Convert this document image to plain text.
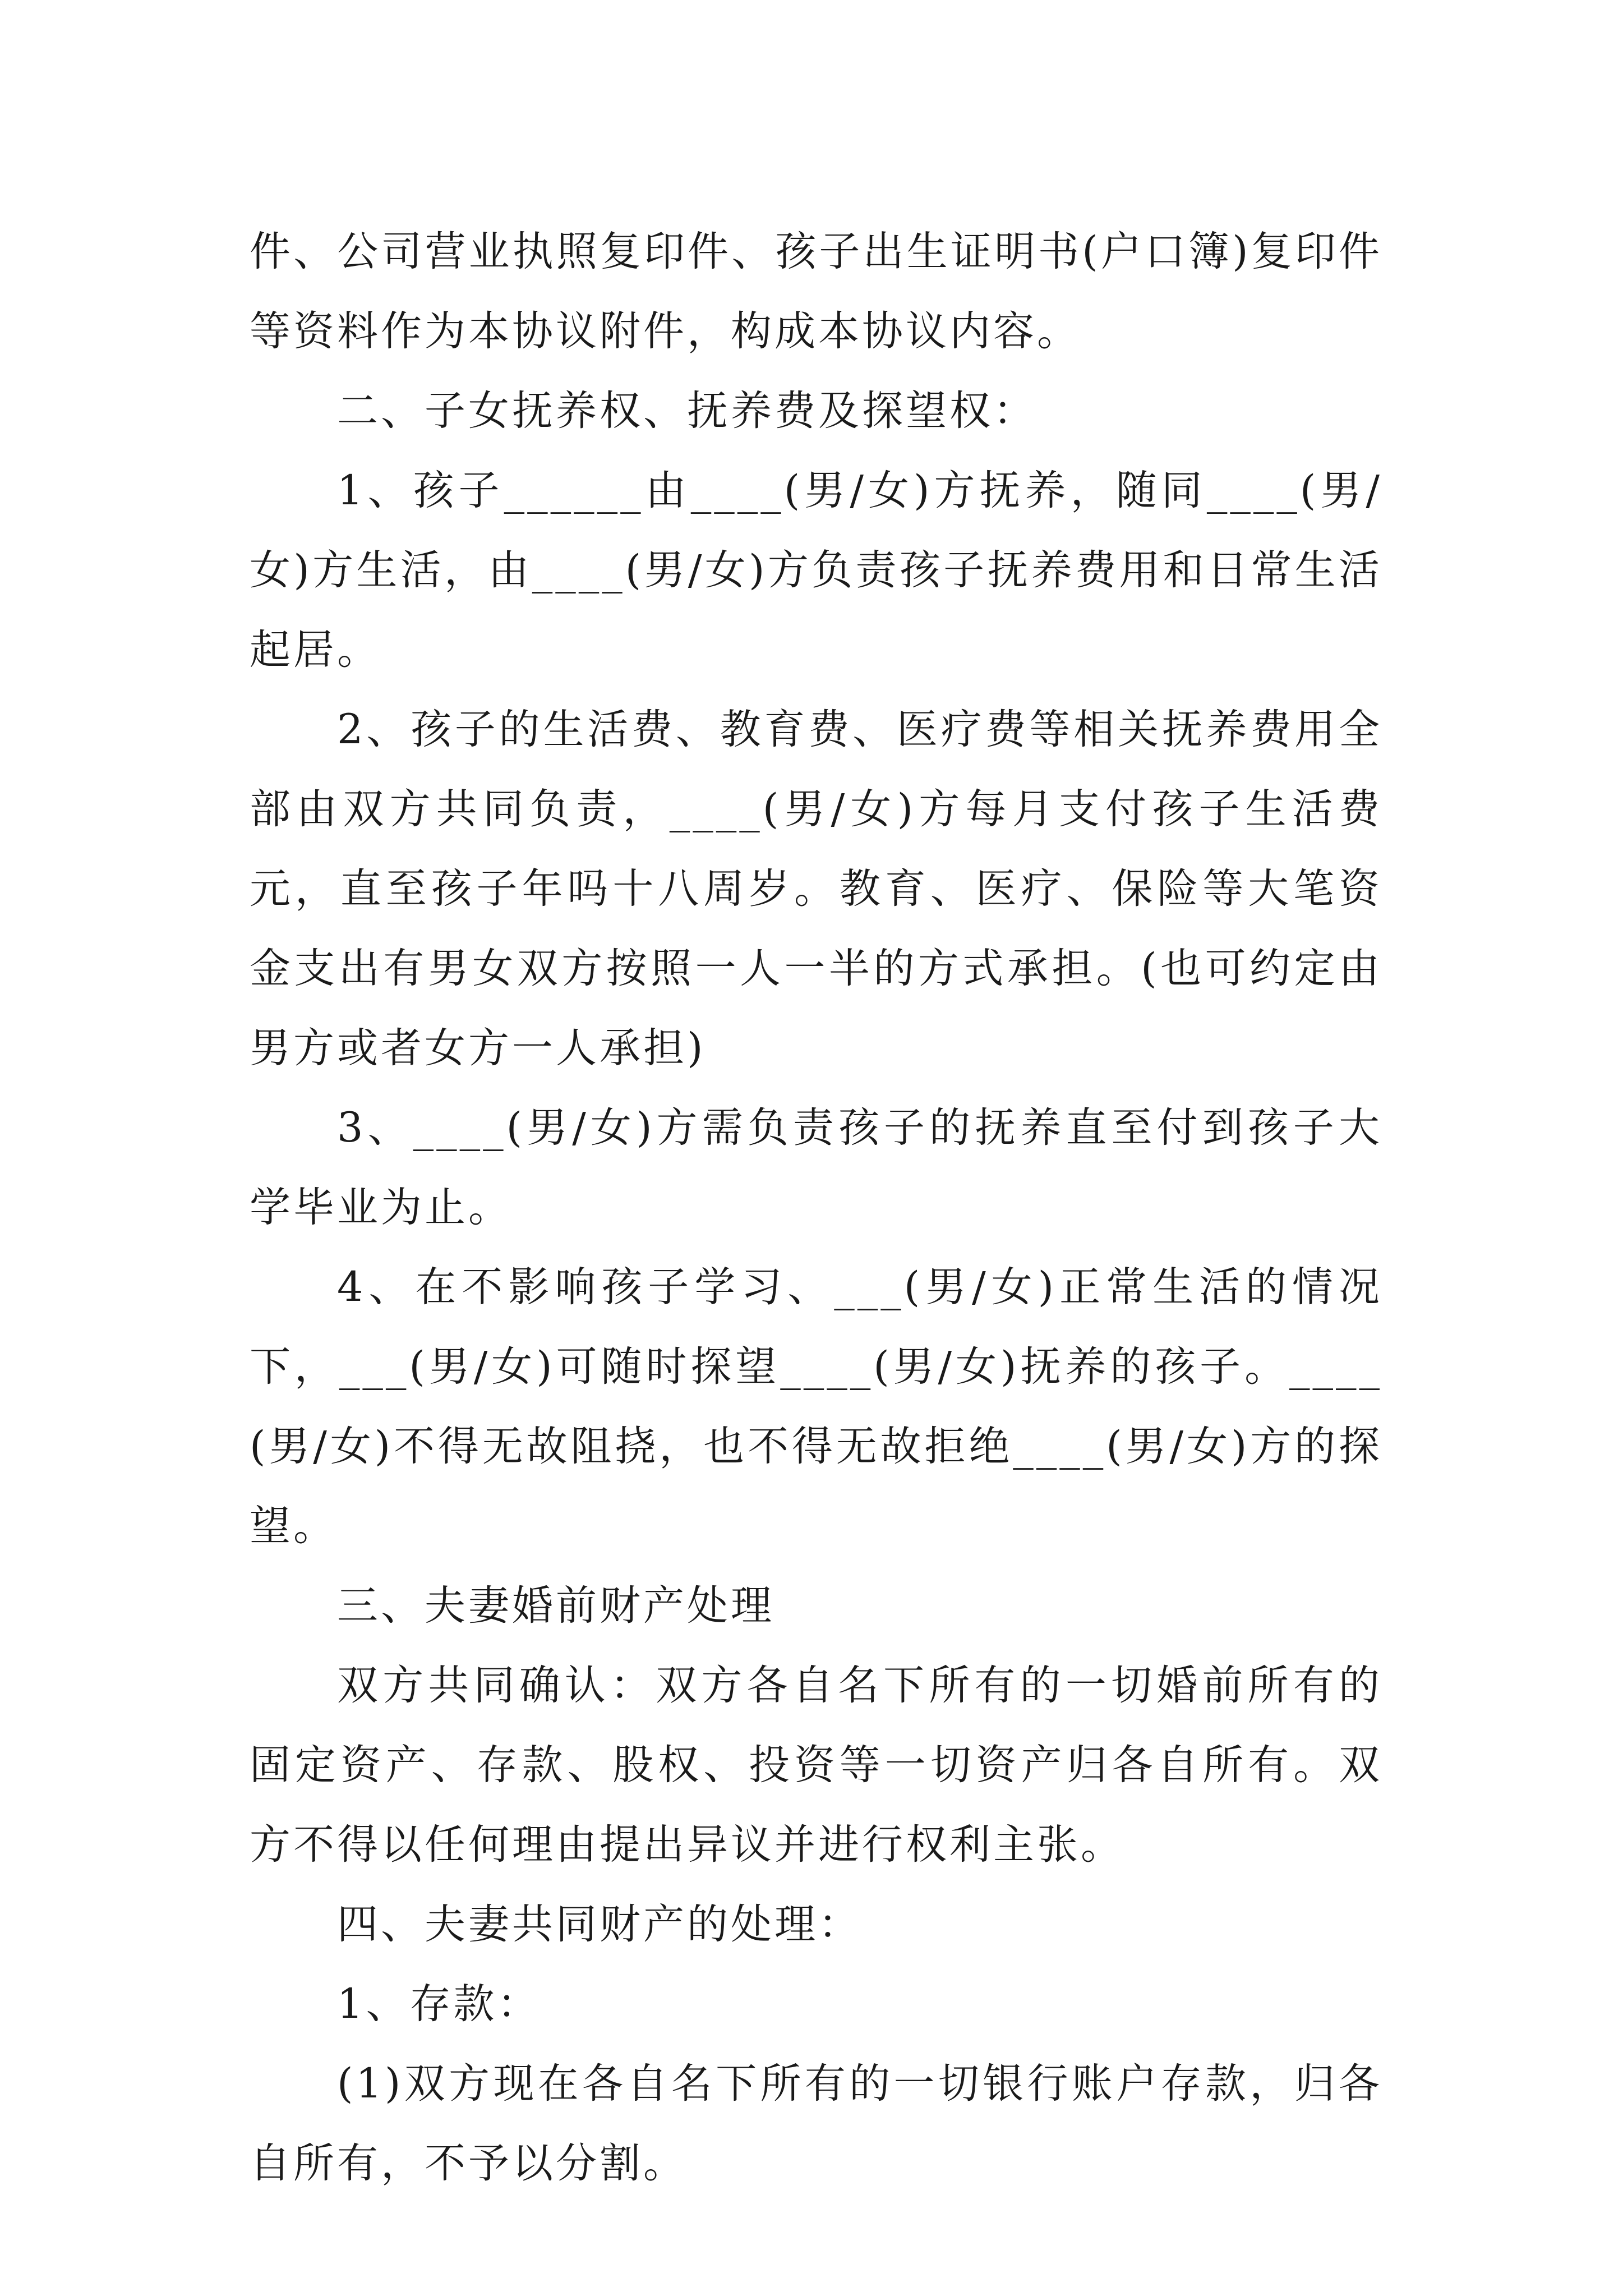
件、公司营业执照复印件、孩子出生证明书(户口簿)复印件等资料作为本协议附件，构成本协议内容。

二、子女抚养权、抚养费及探望权：

1、孩子______由____(男/女)方抚养，随同____(男/女)方生活，由____(男/女)方负责孩子抚养费用和日常生活起居。

2、孩子的生活费、教育费、医疗费等相关抚养费用全部由双方共同负责，____(男/女)方每月支付孩子生活费元，直至孩子年吗十八周岁。教育、医疗、保险等大笔资金支出有男女双方按照一人一半的方式承担。(也可约定由男方或者女方一人承担)

3、____(男/女)方需负责孩子的抚养直至付到孩子大学毕业为止。

4、在不影响孩子学习、___(男/女)正常生活的情况下，___(男/女)可随时探望____(男/女)抚养的孩子。____(男/女)不得无故阻挠，也不得无故拒绝____(男/女)方的探望。

三、夫妻婚前财产处理

双方共同确认：双方各自名下所有的一切婚前所有的固定资产、存款、股权、投资等一切资产归各自所有。双方不得以任何理由提出异议并进行权利主张。

四、夫妻共同财产的处理：

1、存款：

(1)双方现在各自名下所有的一切银行账户存款，归各自所有，不予以分割。
